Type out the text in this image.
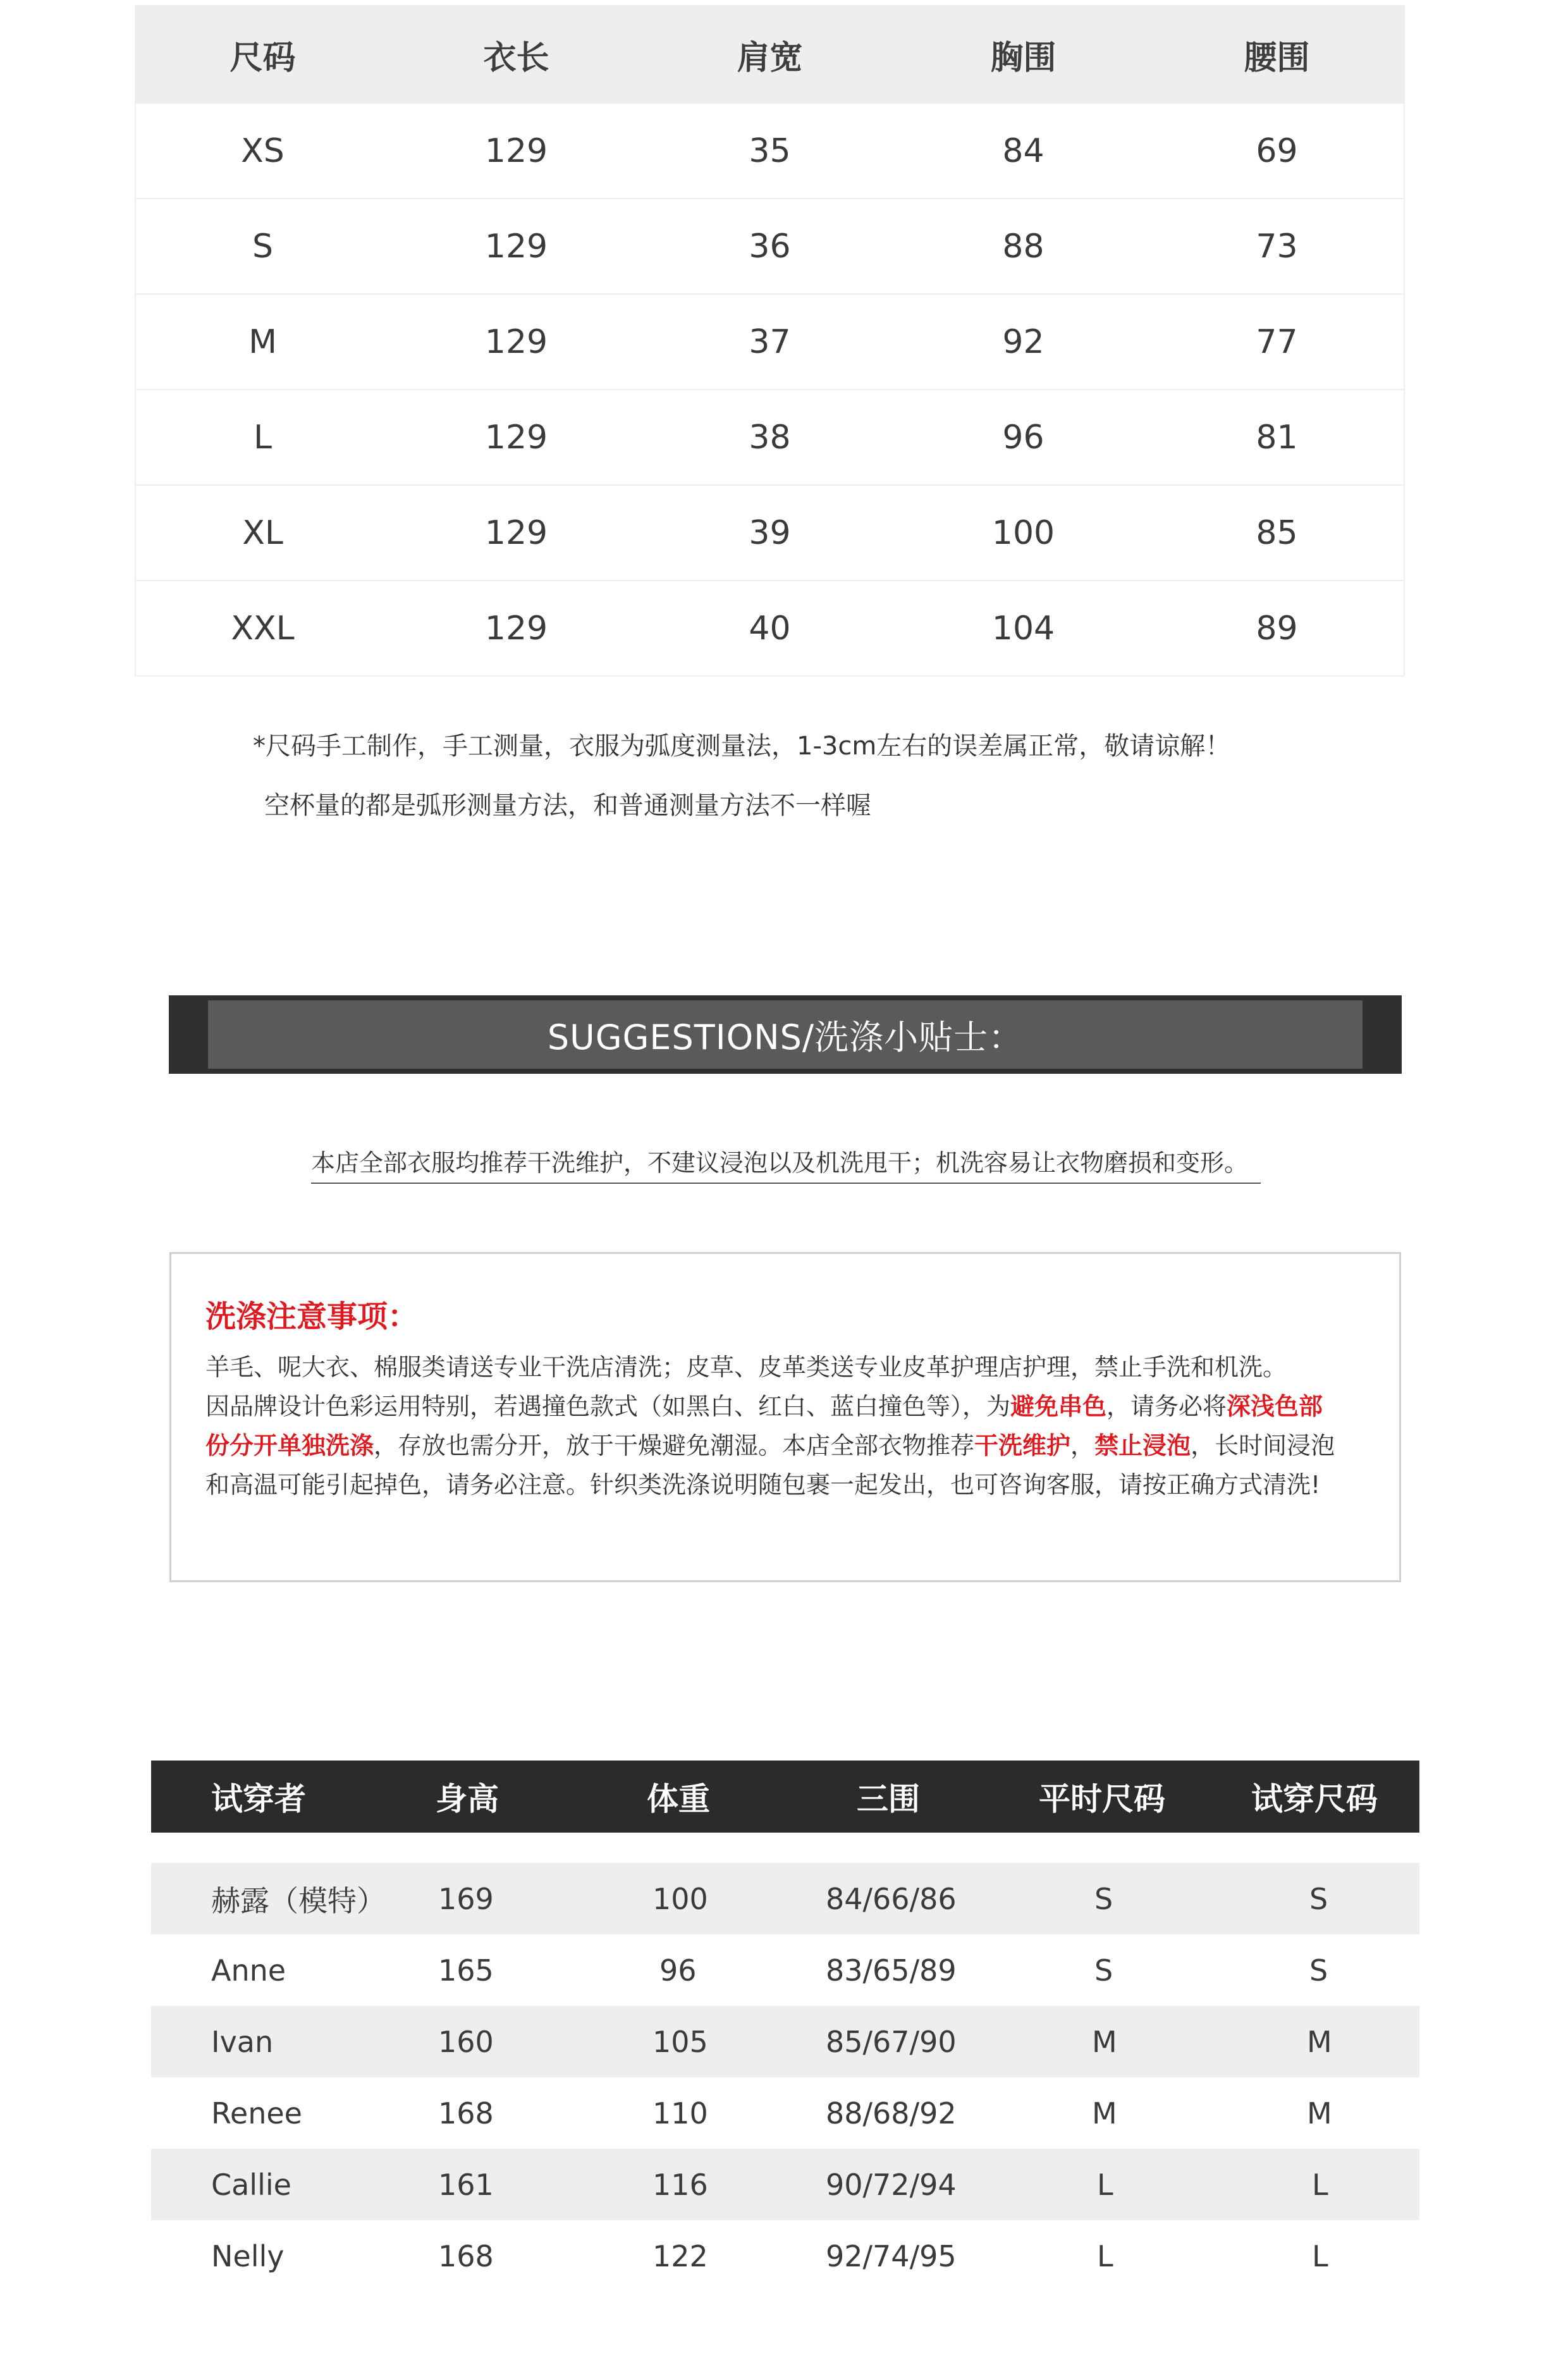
尺码	衣长	肩宽	胸围	腰围
XS	129	35	84	69
S	129	36	88	73
M	129	37	92	77
L	129	38	96	81
XL	129	39	100	85
XXL	129	40	104	89
*尺码手工制作，手工测量，衣服为弧度测量法，1-3cm左右的误差属正常，敬请谅解！
空杯量的都是弧形测量方法，和普通测量方法不一样喔
SUGGESTIONS/洗涤小贴士：
本店全部衣服均推荐干洗维护，不建议浸泡以及机洗甩干；机洗容易让衣物磨损和变形。
洗涤注意事项：
羊毛、呢大衣、棉服类请送专业干洗店清洗；皮草、皮革类送专业皮革护理店护理，禁止手洗和机洗。
因品牌设计色彩运用特别，若遇撞色款式（如黑白、红白、蓝白撞色等），为避免串色，请务必将深浅色部
份分开单独洗涤，存放也需分开，放于干燥避免潮湿。本店全部衣物推荐干洗维护，禁止浸泡，长时间浸泡
和高温可能引起掉色，请务必注意。针织类洗涤说明随包裹一起发出，也可咨询客服，请按正确方式清洗!
试穿者	身高	体重	三围	平时尺码	试穿尺码
赫露（模特） 169	100	84/66/86	S	S
Anne	165	96	83/65/89	S	S
Ivan	160	105	85/67/90	M	M
Renee	168	110	88/68/92	M	M
Callie	161	116	90/72/94	L	L
Nelly	168	122	92/74/95	L	L
